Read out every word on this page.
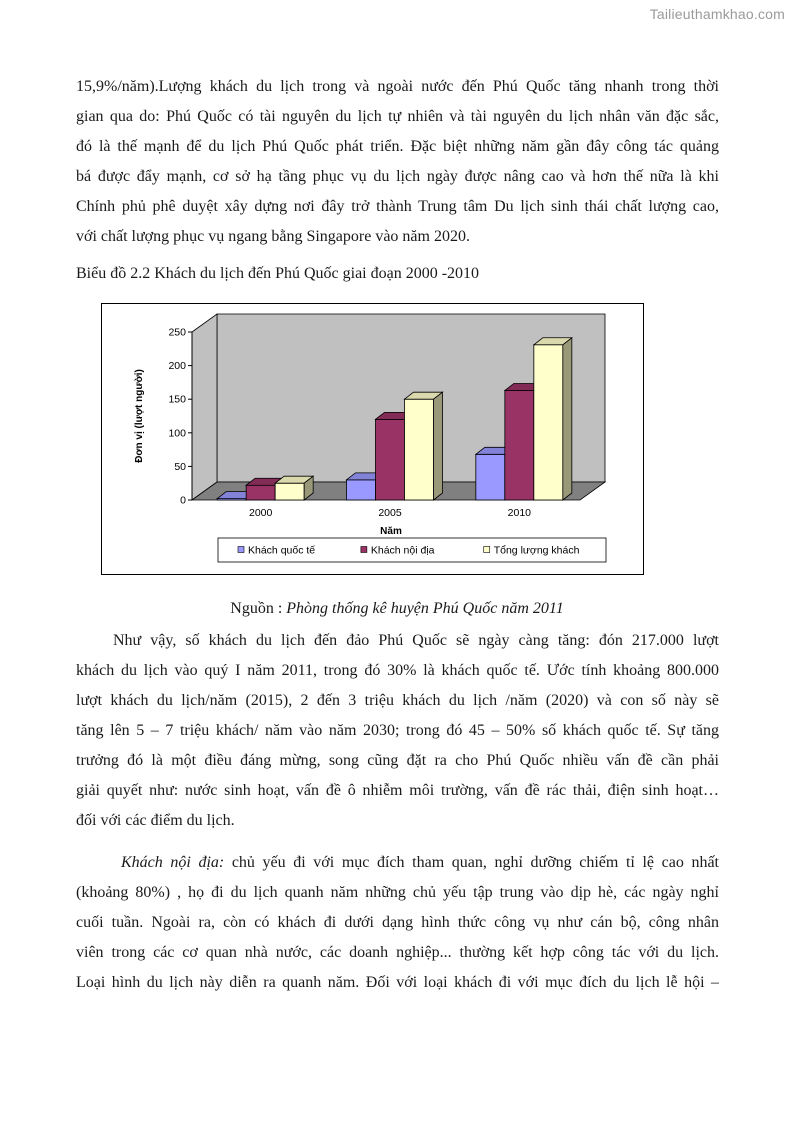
Tailieuthamkhao.com
15,9%/năm).Lượng khách du lịch trong và ngoài nước đến Phú Quốc tăng nhanh trong thời
gian qua do: Phú Quốc có tài nguyên du lịch tự nhiên và tài nguyên du lịch nhân văn đặc sắc,
đó là thế mạnh để du lịch Phú Quốc phát triển. Đặc biệt những năm gần đây công tác quảng
bá được đẩy mạnh, cơ sở hạ tầng phục vụ du lịch ngày được nâng cao và hơn thế nữa là khi
Chính phủ phê duyệt xây dựng nơi đây trở thành Trung tâm Du lịch sinh thái chất lượng cao,
với chất lượng phục vụ ngang bằng Singapore vào năm 2020.

Biểu đồ 2.2 Khách du lịch đến Phú Quốc giai đoạn 2000 -2010

0
50
100
150
200
250
Đơn vị (lượt người)
2000	2005	2010
Năm
Khách quốc tế	Khách nội địa	Tổng lượng khách

Nguồn : Phòng thống kê huyện Phú Quốc năm 2011

Như vậy, số khách du lịch đến đảo Phú Quốc sẽ ngày càng tăng: đón 217.000 lượt
khách du lịch vào quý I năm 2011, trong đó 30% là khách quốc tế. Ước tính khoảng 800.000
lượt khách du lịch/năm (2015), 2 đến 3 triệu khách du lịch /năm (2020) và con số này sẽ
tăng lên 5 – 7 triệu khách/ năm vào năm 2030; trong đó 45 – 50% số khách quốc tế. Sự tăng
trưởng đó là một điều đáng mừng, song cũng đặt ra cho Phú Quốc nhiều vấn đề cần phải
giải quyết như: nước sinh hoạt, vấn đề ô nhiễm môi trường, vấn đề rác thải, điện sinh hoạt…
đối với các điểm du lịch.
Khách nội địa: chủ yếu đi với mục đích tham quan, nghỉ dưỡng chiếm tỉ lệ cao nhất
(khoảng 80%) , họ đi du lịch quanh năm những chủ yếu tập trung vào dịp hè, các ngày nghỉ
cuối tuần. Ngoài ra, còn có khách đi dưới dạng hình thức công vụ như cán bộ, công nhân
viên trong các cơ quan nhà nước, các doanh nghiệp... thường kết hợp công tác với du lịch.
Loại hình du lịch này diễn ra quanh năm. Đối với loại khách đi với mục đích du lịch lễ hội –
